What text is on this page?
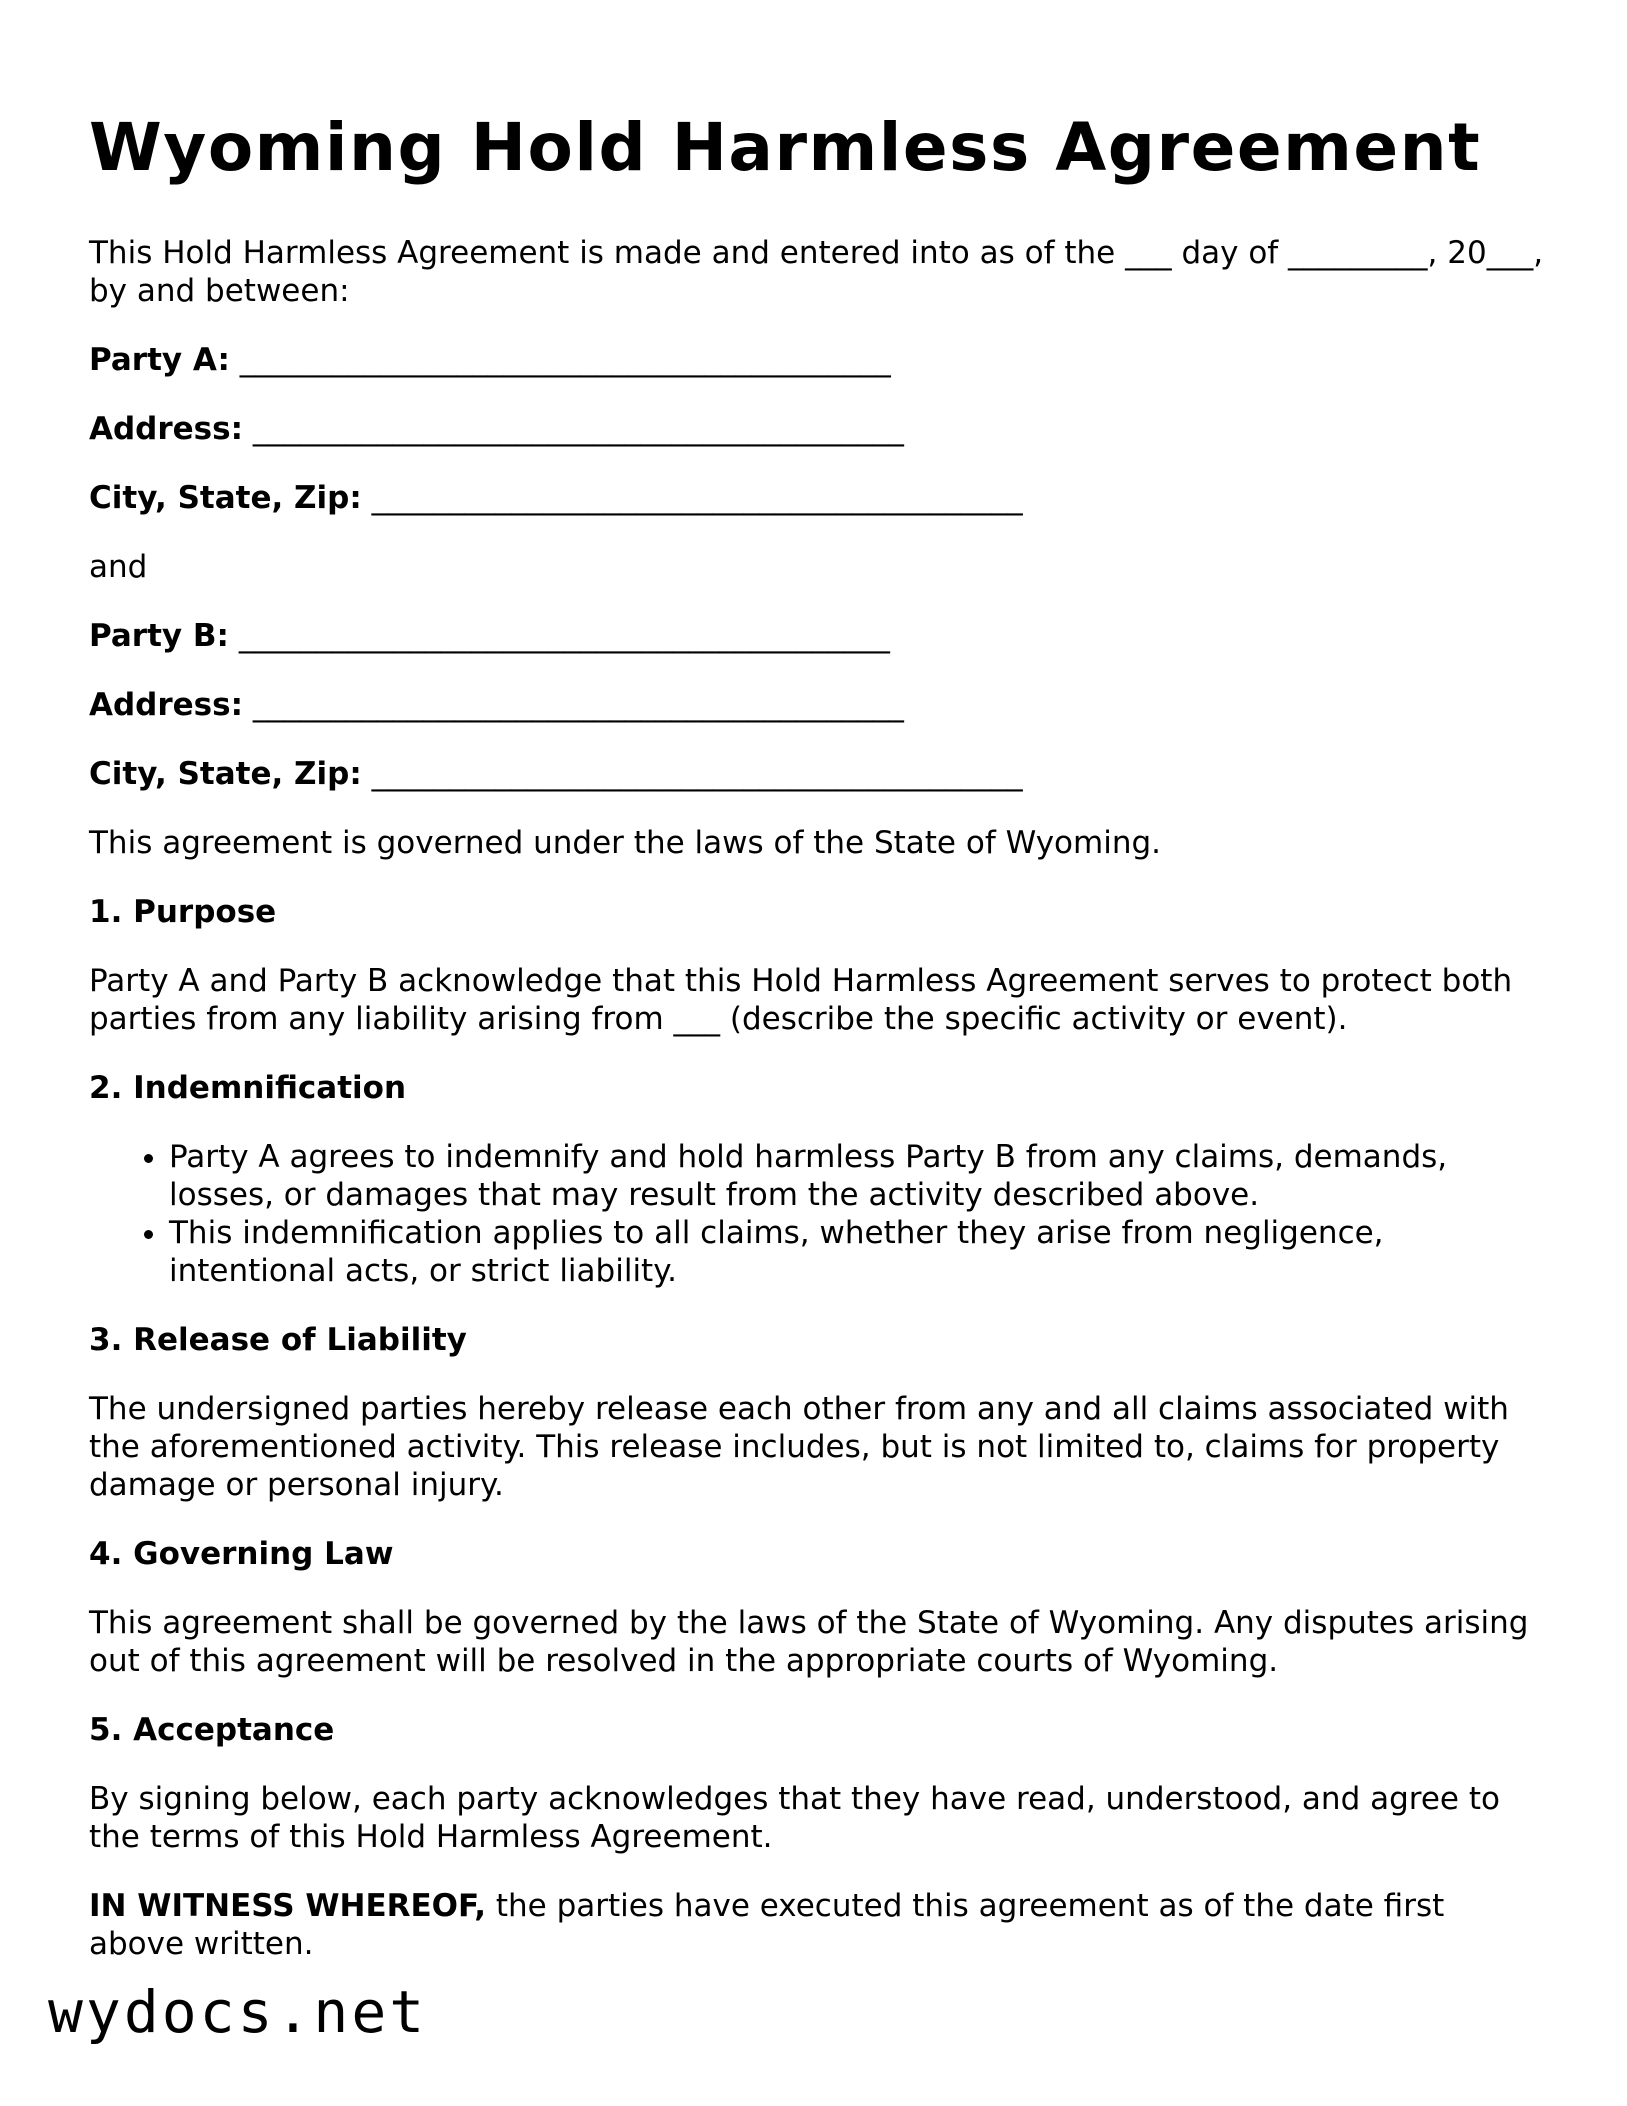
Wyoming Hold Harmless Agreement

This Hold Harmless Agreement is made and entered into as of the ___ day of _________, 20___, by and between:

Party A: __________________________________________
Address: __________________________________________
City, State, Zip: __________________________________________

and

Party B: __________________________________________
Address: __________________________________________
City, State, Zip: __________________________________________

This agreement is governed under the laws of the State of Wyoming.

1. Purpose

Party A and Party B acknowledge that this Hold Harmless Agreement serves to protect both parties from any liability arising from ___ (describe the specific activity or event).

2. Indemnification
• Party A agrees to indemnify and hold harmless Party B from any claims, demands, losses, or damages that may result from the activity described above.
• This indemnification applies to all claims, whether they arise from negligence, intentional acts, or strict liability.
3. Release of Liability

The undersigned parties hereby release each other from any and all claims associated with the aforementioned activity. This release includes, but is not limited to, claims for property damage or personal injury.

4. Governing Law

This agreement shall be governed by the laws of the State of Wyoming. Any disputes arising out of this agreement will be resolved in the appropriate courts of Wyoming.

5. Acceptance

By signing below, each party acknowledges that they have read, understood, and agree to the terms of this Hold Harmless Agreement.

IN WITNESS WHEREOF, the parties have executed this agreement as of the date first above written.

wydocs.net
